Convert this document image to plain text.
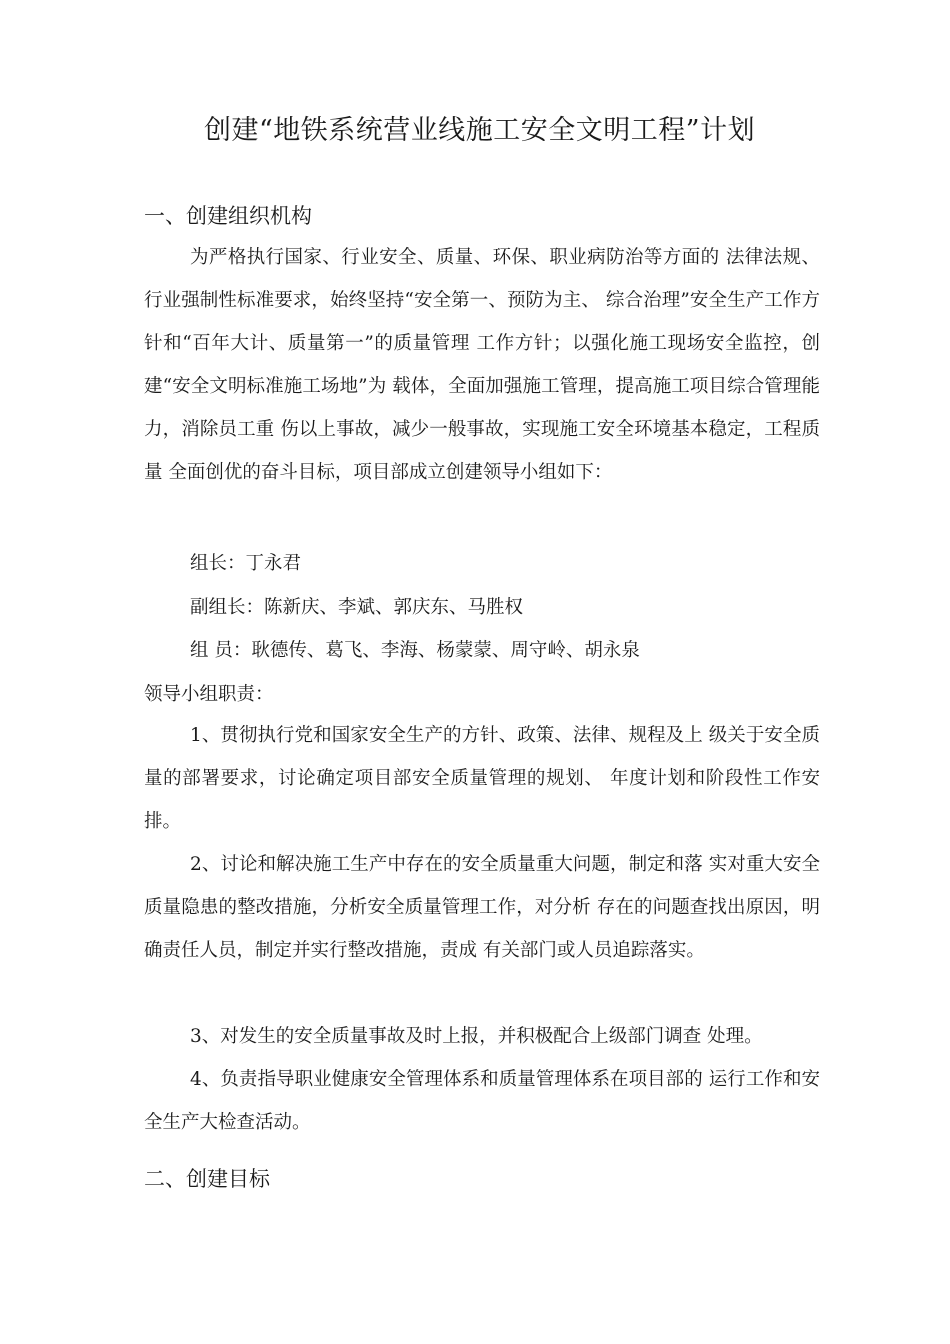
创建“地铁系统营业线施工安全文明工程”计划
一、创建组织机构
为严格执行国家、行业安全、质量、环保、职业病防治等方面的 法律法规、行业强制性标准要求，始终坚持“安全第一、预防为主、 综合治理”安全生产工作方针和“百年大计、质量第一”的质量管理 工作方针；以强化施工现场安全监控，创建“安全文明标准施工场地”为 载体，全面加强施工管理，提高施工项目综合管理能力，消除员工重 伤以上事故，减少一般事故，实现施工安全环境基本稳定，工程质量 全面创优的奋斗目标，项目部成立创建领导小组如下：
组长：丁永君
副组长：陈新庆、李斌、郭庆东、马胜权
组 员：耿德传、葛飞、李海、杨蒙蒙、周守岭、胡永泉
领导小组职责：
1、贯彻执行党和国家安全生产的方针、政策、法律、规程及上 级关于安全质量的部署要求，讨论确定项目部安全质量管理的规划、 年度计划和阶段性工作安排。
2、讨论和解决施工生产中存在的安全质量重大问题，制定和落 实对重大安全质量隐患的整改措施，分析安全质量管理工作，对分析 存在的问题查找出原因，明确责任人员，制定并实行整改措施，责成 有关部门或人员追踪落实。
3、对发生的安全质量事故及时上报，并积极配合上级部门调查 处理。
4、负责指导职业健康安全管理体系和质量管理体系在项目部的 运行工作和安全生产大检查活动。
二、创建目标
